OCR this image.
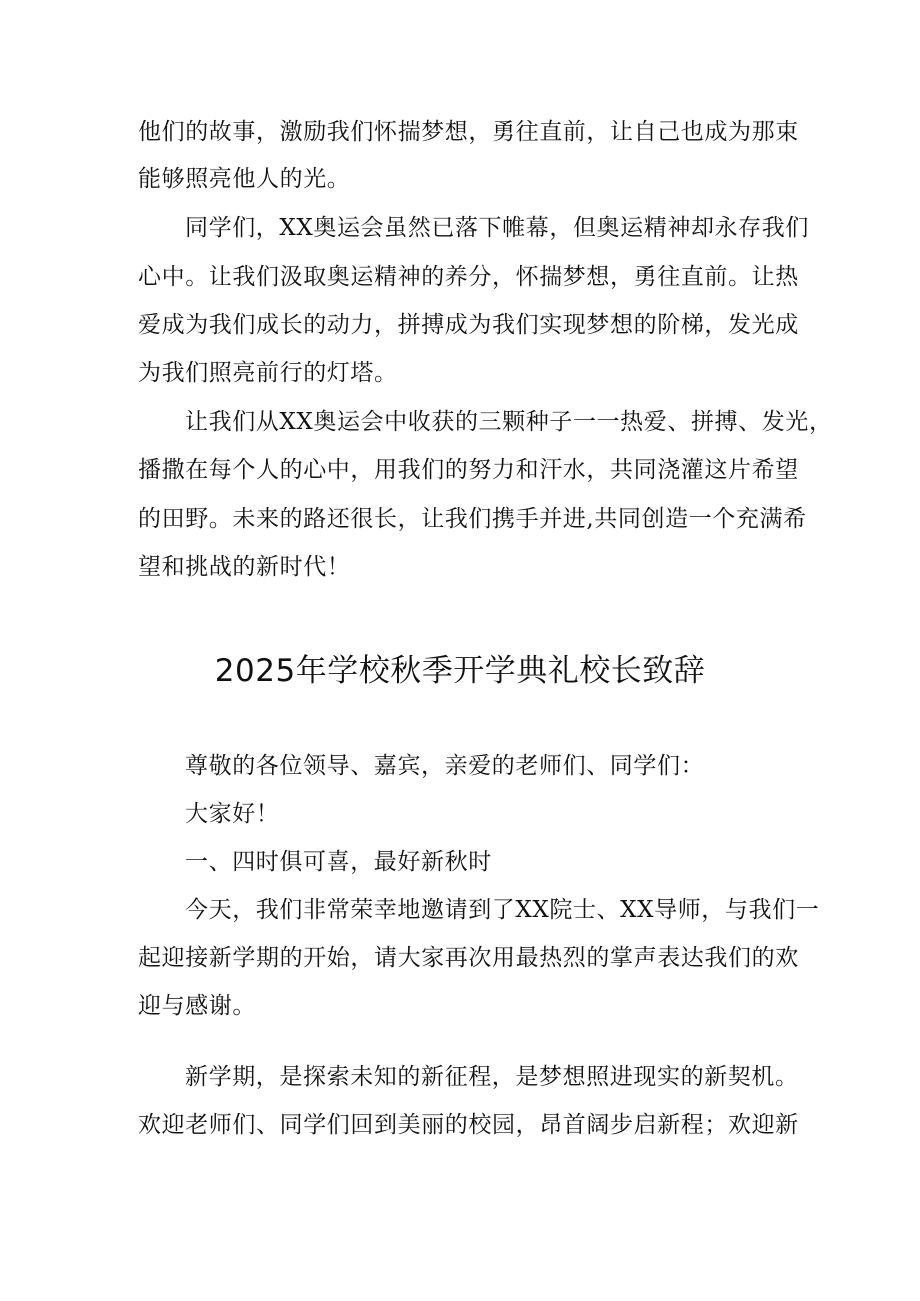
他们的故事，激励我们怀揣梦想，勇往直前，让自己也成为那束
能够照亮他人的光。
同学们，XX奥运会虽然已落下帷幕，但奥运精神却永存我们
心中。让我们汲取奥运精神的养分，怀揣梦想，勇往直前。让热
爱成为我们成长的动力，拼搏成为我们实现梦想的阶梯，发光成
为我们照亮前行的灯塔。
让我们从XX奥运会中收获的三颗种子一一热爱、拼搏、发光，
播撒在每个人的心中，用我们的努力和汗水，共同浇灌这片希望
的田野。未来的路还很长，让我们携手并进,共同创造一个充满希
望和挑战的新时代！
2025年学校秋季开学典礼校长致辞
尊敬的各位领导、嘉宾，亲爱的老师们、同学们：
大家好！
一、四时俱可喜，最好新秋时
今天，我们非常荣幸地邀请到了XX院士、XX导师，与我们一
起迎接新学期的开始，请大家再次用最热烈的掌声表达我们的欢
迎与感谢。
新学期，是探索未知的新征程，是梦想照进现实的新契机。
欢迎老师们、同学们回到美丽的校园，昂首阔步启新程；欢迎新
